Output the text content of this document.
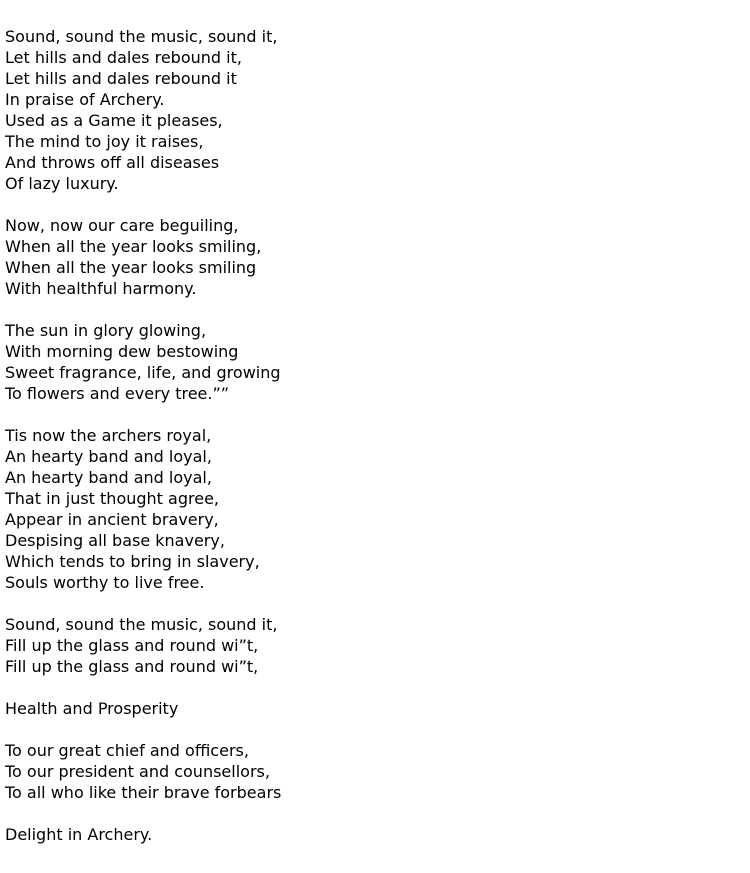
Sound, sound the music, sound it,
Let hills and dales rebound it,
Let hills and dales rebound it
In praise of Archery.
Used as a Game it pleases,
The mind to joy it raises,
And throws off all diseases
Of lazy luxury.
Now, now our care beguiling,
When all the year looks smiling,
When all the year looks smiling
With healthful harmony.
The sun in glory glowing,
With morning dew bestowing
Sweet fragrance, life, and growing
To flowers and every tree.””
Tis now the archers royal,
An hearty band and loyal,
An hearty band and loyal,
That in just thought agree,
Appear in ancient bravery,
Despising all base knavery,
Which tends to bring in slavery,
Souls worthy to live free.
Sound, sound the music, sound it,
Fill up the glass and round wi”t,
Fill up the glass and round wi”t,
Health and Prosperity
To our great chief and officers,
To our president and counsellors,
To all who like their brave forbears
Delight in Archery.
